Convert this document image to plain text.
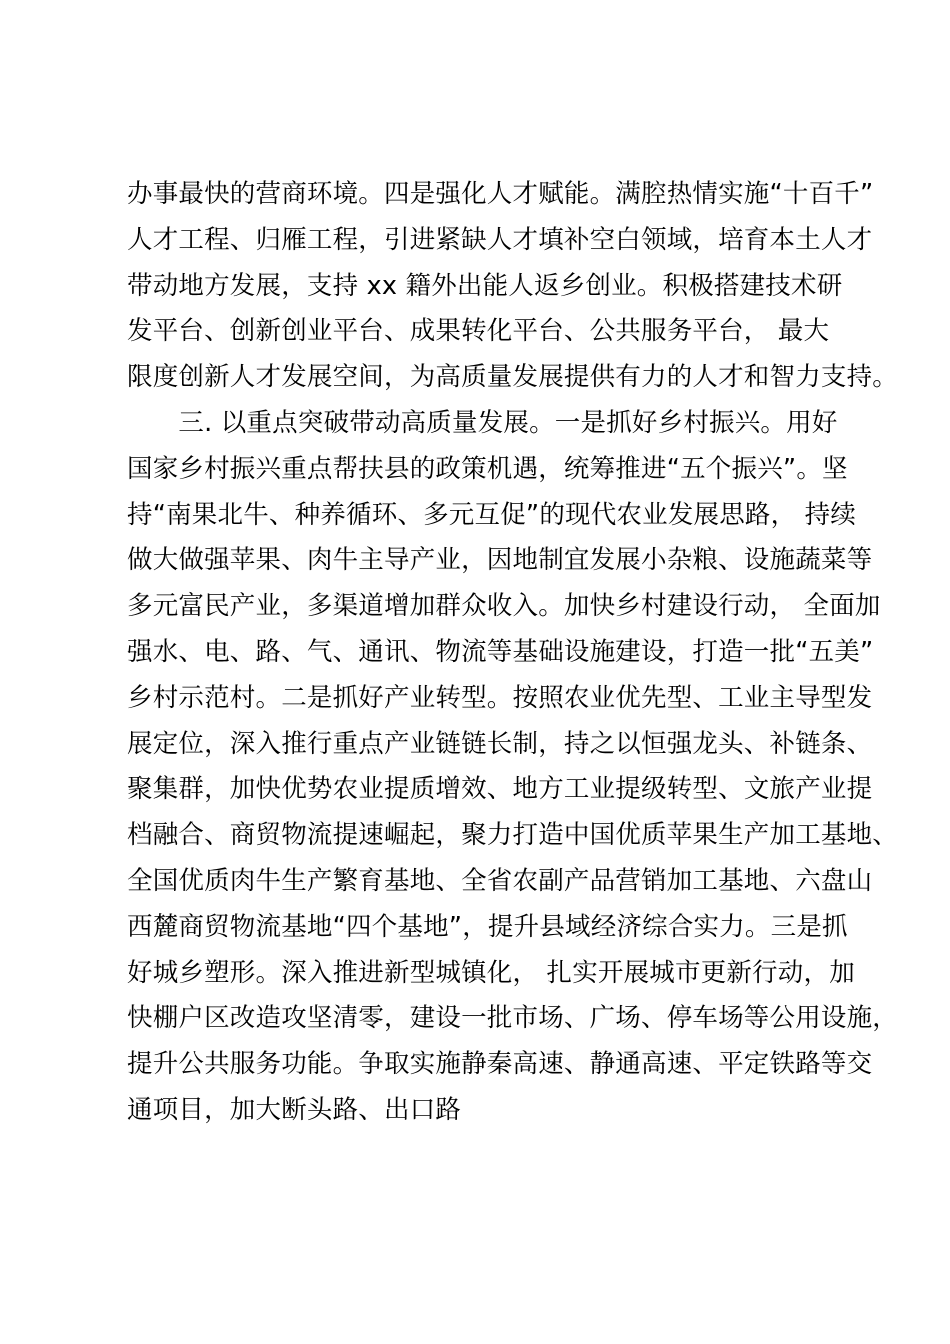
办事最快的营商环境。四是强化人才赋能。满腔热情实施“十百千”
人才工程、归雁工程，引进紧缺人才填补空白领域，培育本土人才
带动地方发展，支持 xx 籍外出能人返乡创业。积极搭建技术研
发平台、创新创业平台、成果转化平台、公共服务平台， 最大
限度创新人才发展空间，为高质量发展提供有力的人才和智力支持。
　　三. 以重点突破带动高质量发展。一是抓好乡村振兴。用好
国家乡村振兴重点帮扶县的政策机遇，统筹推进“五个振兴”。坚
持“南果北牛、种养循环、多元互促”的现代农业发展思路， 持续
做大做强苹果、肉牛主导产业，因地制宜发展小杂粮、设施蔬菜等
多元富民产业，多渠道增加群众收入。加快乡村建设行动， 全面加
强水、电、路、气、通讯、物流等基础设施建设，打造一批“五美”
乡村示范村。二是抓好产业转型。按照农业优先型、工业主导型发
展定位，深入推行重点产业链链长制，持之以恒强龙头、补链条、
聚集群，加快优势农业提质增效、地方工业提级转型、文旅产业提
档融合、商贸物流提速崛起，聚力打造中国优质苹果生产加工基地、
全国优质肉牛生产繁育基地、全省农副产品营销加工基地、六盘山
西麓商贸物流基地“四个基地”，提升县域经济综合实力。三是抓
好城乡塑形。深入推进新型城镇化， 扎实开展城市更新行动，加
快棚户区改造攻坚清零，建设一批市场、广场、停车场等公用设施，
提升公共服务功能。争取实施静秦高速、静通高速、平定铁路等交
通项目，加大断头路、出口路
